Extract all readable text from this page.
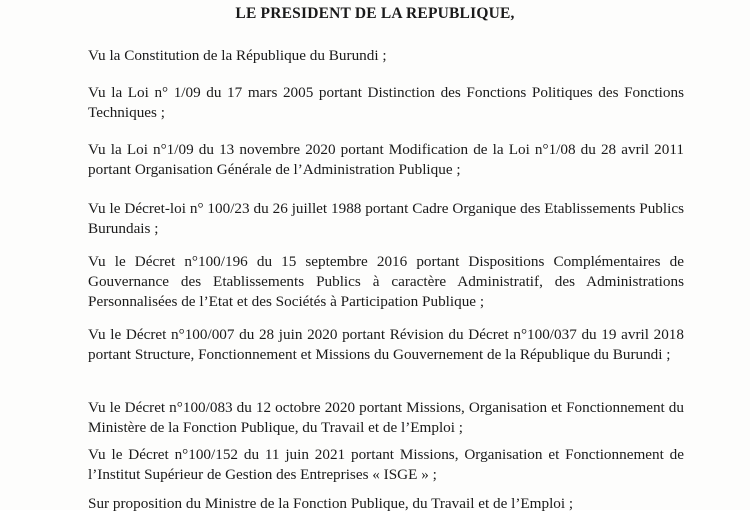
LE PRESIDENT DE LA REPUBLIQUE,
Vu la Constitution de la République du Burundi ;
Vu la Loi n° 1/09 du 17 mars 2005 portant Distinction des Fonctions Politiques des Fonctions Techniques ;
Vu la Loi n°1/09 du 13 novembre 2020 portant Modification de la Loi n°1/08 du 28 avril 2011 portant Organisation Générale de l’Administration Publique ;
Vu le Décret-loi n° 100/23 du 26 juillet 1988 portant Cadre Organique des Etablissements Publics Burundais ;
Vu le Décret n°100/196 du 15 septembre 2016 portant Dispositions Complémentaires de Gouvernance des Etablissements Publics à caractère Administratif, des Administrations Personnalisées de l’Etat et des Sociétés à Participation Publique ;
Vu le Décret n°100/007 du 28 juin 2020 portant Révision du Décret n°100/037 du 19 avril 2018 portant Structure, Fonctionnement et Missions du Gouvernement de la République du Burundi ;
Vu le Décret n°100/083 du 12 octobre 2020 portant Missions, Organisation et Fonctionnement du Ministère de la Fonction Publique, du Travail et de l’Emploi ;
Vu le Décret n°100/152 du 11 juin 2021 portant Missions, Organisation et Fonctionnement de l’Institut Supérieur de Gestion des Entreprises « ISGE » ;
Sur proposition du Ministre de la Fonction Publique, du Travail et de l’Emploi ;
